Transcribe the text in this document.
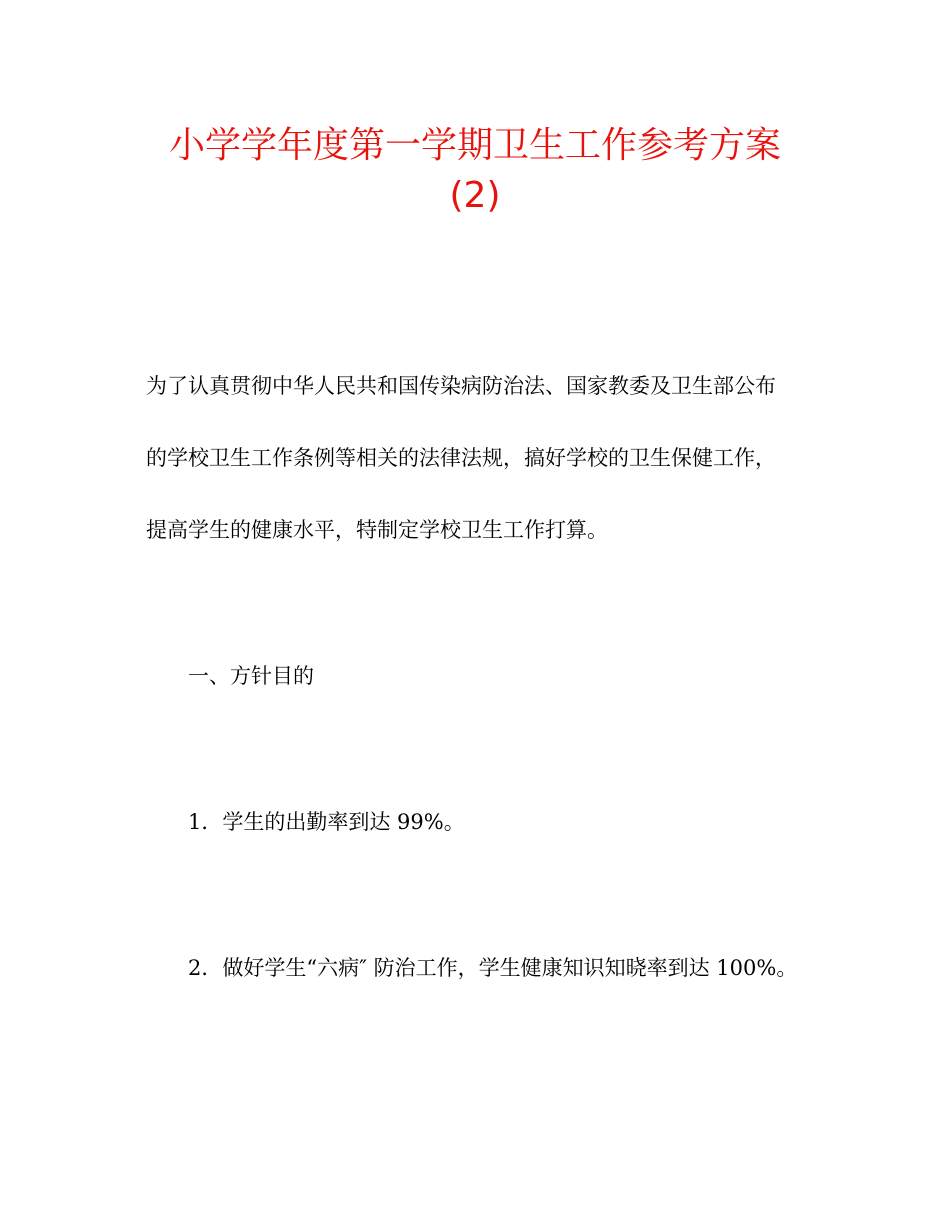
小学学年度第一学期卫生工作参考方案
(2)
为了认真贯彻中华人民共和国传染病防治法、国家教委及卫生部公布
的学校卫生工作条例等相关的法律法规，搞好学校的卫生保健工作，
提高学生的健康水平，特制定学校卫生工作打算。
一、方针目的
1．学生的出勤率到达 99%。
2．做好学生“六病″ 防治工作，学生健康知识知晓率到达 100%。
